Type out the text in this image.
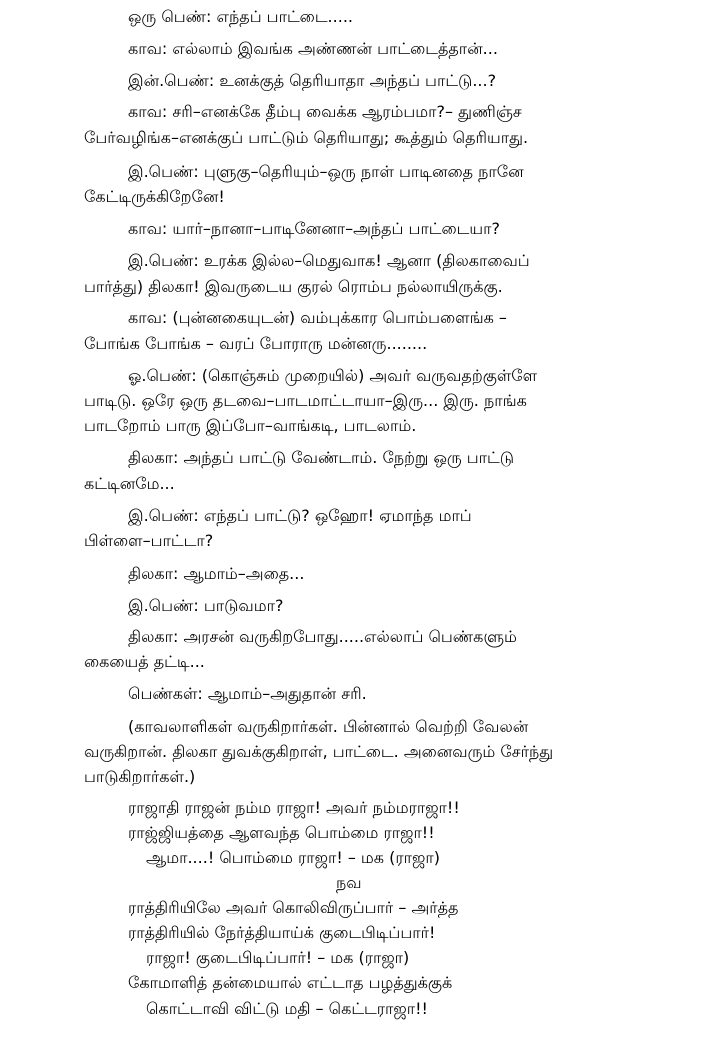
ஒரு பெண்: எந்தப் பாட்டை.....
காவ: எல்லாம் இவங்க அண்ணன் பாட்டைத்தான்...
இன்.பெண்: உனக்குத் தெரியாதா அந்தப் பாட்டு...?
காவ: சரி–எனக்கே தீம்பு வைக்க ஆரம்பமா?– துணிஞ்ச
பேர்வழிங்க–எனக்குப் பாட்டும் தெரியாது; கூத்தும் தெரியாது.
இ.பெண்: புளுகு–தெரியும்–ஒரு நாள் பாடினதை நானே
கேட்டிருக்கிறேனே!
காவ: யார்–நானா–பாடினேனா–அந்தப் பாட்டையா?
இ.பெண்: உரக்க இல்ல–மெதுவாக! ஆனா (திலகாவைப்
பார்த்து) திலகா! இவருடைய குரல் ரொம்ப நல்லாயிருக்கு.
காவ: (புன்னகையுடன்) வம்புக்கார பொம்பளைங்க –
போங்க போங்க – வரப் போராரு மன்னரு........
ஓ.பெண்: (கொஞ்சும் முறையில்) அவர் வருவதற்குள்ளே
பாடிடு. ஒரே ஒரு தடவை–பாடமாட்டாயா–இரு... இரு. நாங்க
பாடறோம் பாரு இப்போ–வாங்கடி, பாடலாம்.
திலகா: அந்தப் பாட்டு வேண்டாம். நேற்று ஒரு பாட்டு
கட்டினமே...
இ.பெண்: எந்தப் பாட்டு? ஒஹோ! ஏமாந்த மாப்
பிள்ளை–பாட்டா?
திலகா: ஆமாம்–அதை...
இ.பெண்: பாடுவமா?
திலகா: அரசன் வருகிறபோது.....எல்லாப் பெண்களும்
கையைத் தட்டி...
பெண்கள்: ஆமாம்–அதுதான் சரி.
(காவலாளிகள் வருகிறார்கள். பின்னால் வெற்றி வேலன்
வருகிறான். திலகா துவக்குகிறாள், பாட்டை. அனைவரும் சேர்ந்து
பாடுகிறார்கள்.)
ராஜாதி ராஜன் நம்ம ராஜா! அவர் நம்மராஜா!!
ராஜ்ஜியத்தை ஆளவந்த பொம்மை ராஜா!!
ஆமா....! பொம்மை ராஜா! – மக (ராஜா)
நவ
ராத்திரியிலே அவர் கொலிவிருப்பார் – அர்த்த
ராத்திரியில் நேர்த்தியாய்க் குடைபிடிப்பார்!
ராஜா! குடைபிடிப்பார்! – மக (ராஜா)
கோமாளித் தன்மையால் எட்டாத பழத்துக்குக்
கொட்டாவி விட்டு மதி – கெட்டராஜா!!
